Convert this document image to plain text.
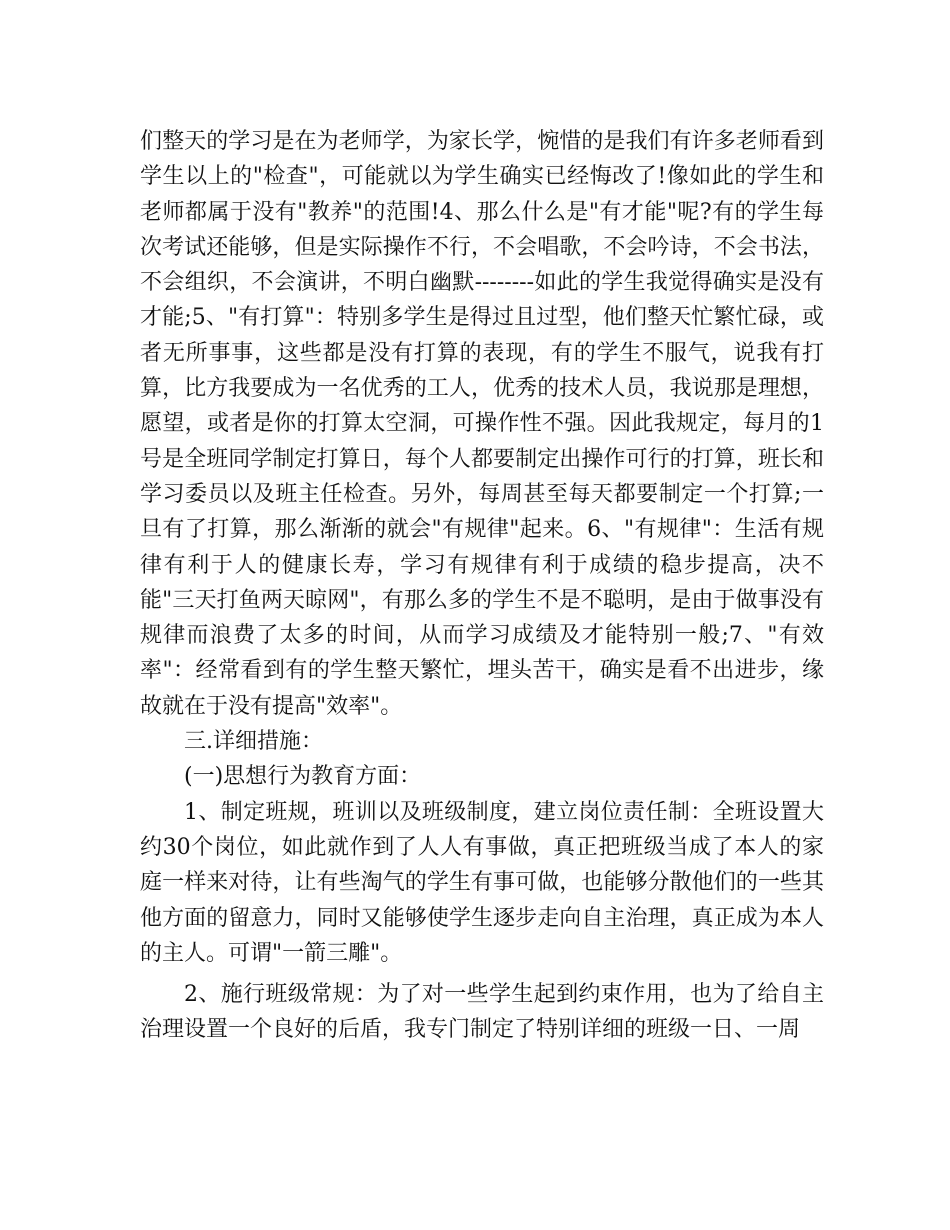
们整天的学习是在为老师学，为家长学，惋惜的是我们有许多老师看到学生以上的"检查"，可能就以为学生确实已经悔改了!像如此的学生和老师都属于没有"教养"的范围!4、那么什么是"有才能"呢?有的学生每次考试还能够，但是实际操作不行，不会唱歌，不会吟诗，不会书法，不会组织，不会演讲，不明白幽默--------如此的学生我觉得确实是没有才能;5、"有打算"：特别多学生是得过且过型，他们整天忙繁忙碌，或者无所事事，这些都是没有打算的表现，有的学生不服气，说我有打算，比方我要成为一名优秀的工人，优秀的技术人员，我说那是理想，愿望，或者是你的打算太空洞，可操作性不强。因此我规定，每月的1号是全班同学制定打算日，每个人都要制定出操作可行的打算，班长和学习委员以及班主任检查。另外，每周甚至每天都要制定一个打算;一旦有了打算，那么渐渐的就会"有规律"起来。6、"有规律"：生活有规律有利于人的健康长寿，学习有规律有利于成绩的稳步提高，决不能"三天打鱼两天晾网"，有那么多的学生不是不聪明，是由于做事没有规律而浪费了太多的时间，从而学习成绩及才能特别一般;7、"有效率"：经常看到有的学生整天繁忙，埋头苦干，确实是看不出进步，缘故就在于没有提高"效率"。

三.详细措施：

(一)思想行为教育方面：

1、制定班规，班训以及班级制度，建立岗位责任制：全班设置大约30个岗位，如此就作到了人人有事做，真正把班级当成了本人的家庭一样来对待，让有些淘气的学生有事可做，也能够分散他们的一些其他方面的留意力，同时又能够使学生逐步走向自主治理，真正成为本人的主人。可谓"一箭三雕"。

2、施行班级常规：为了对一些学生起到约束作用，也为了给自主治理设置一个良好的后盾，我专门制定了特别详细的班级一日、一周
